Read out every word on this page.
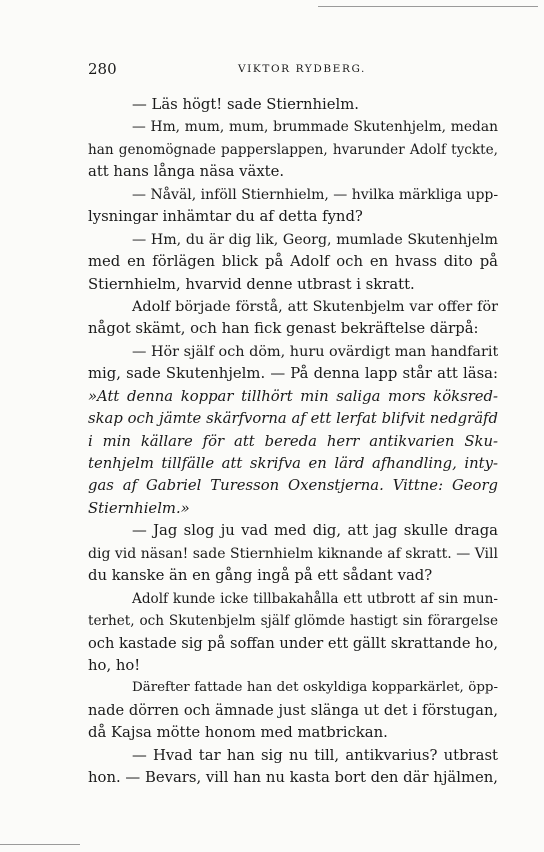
280	VIKTOR RYDBERG.
— Läs högt! sade Stiernhielm.
— Hm, mum, mum, brummade Skutenhjelm, medan
han genomögnade papperslappen, hvarunder Adolf tyckte,
att hans långa näsa växte.
— Nåväl, inföll Stiernhielm, — hvilka märkliga upp-
lysningar inhämtar du af detta fynd?
— Hm, du är dig lik, Georg, mumlade Skutenhjelm
med en förlägen blick på Adolf och en hvass dito på
Stiernhielm, hvarvid denne utbrast i skratt.
Adolf började förstå, att Skutenbjelm var offer för
något skämt, och han fick genast bekräftelse därpå:
— Hör själf och döm, huru ovärdigt man handfarit
mig, sade Skutenhjelm. — På denna lapp står att läsa:
»Att denna koppar tillhört min saliga mors köksred-
skap och jämte skärfvorna af ett lerfat blifvit nedgräfd
i min källare för att bereda herr antikvarien Sku-
tenhjelm tillfälle att skrifva en lärd afhandling, inty-
gas af Gabriel Turesson Oxenstjerna. Vittne: Georg
Stiernhielm.»
— Jag slog ju vad med dig, att jag skulle draga
dig vid näsan! sade Stiernhielm kiknande af skratt. — Vill
du kanske än en gång ingå på ett sådant vad?
Adolf kunde icke tillbakahålla ett utbrott af sin mun-
terhet, och Skutenbjelm själf glömde hastigt sin förargelse
och kastade sig på soffan under ett gällt skrattande ho,
ho, ho!
Därefter fattade han det oskyldiga kopparkärlet, öpp-
nade dörren och ämnade just slänga ut det i förstugan,
då Kajsa mötte honom med matbrickan.
— Hvad tar han sig nu till, antikvarius? utbrast
hon. — Bevars, vill han nu kasta bort den där hjälmen,
